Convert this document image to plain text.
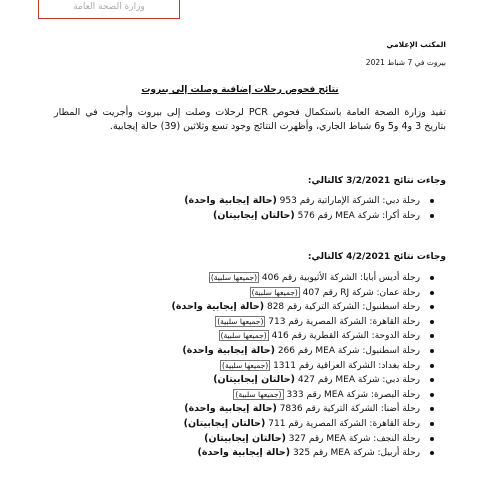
وزارة الصحة العامة
المكتب الإعلامي
بيروت في 7 شباط 2021
نتائج فحوص رحلات إضافية وصلت إلى بيروت
تفيد وزارة الصحة العامة باستكمال فحوص PCR لرحلات وصلت إلى بيروت وأجريت في المطار بتاريخ 3 و4 و5 و6 شباط الجاري، وأظهرت النتائج وجود تسع وثلاثين (39) حالة إيجابية.
وجاءت نتائج 3/2/2021 كالتالي:
رحلة دبي: الشركة الإماراتية رقم 953 (حالة إيجابية واحدة)
رحلة أكرا: شركة MEA رقم 576 (حالتان إيجابيتان)
وجاءت نتائج 4/2/2021 كالتالي:
رحلة أديس أبابا: الشركة الأثيوبية رقم 406 (جميعها سلبية)
رحلة عمان: شركة RJ رقم 407 (جميعها سلبية)
رحلة اسطنبول: الشركة التركية رقم 828 (حالة إيجابية واحدة)
رحلة القاهرة: الشركة المصرية رقم 713 (جميعها سلبية)
رحلة الدوحة: الشركة القطرية رقم 416 (جميعها سلبية)
رحلة اسطنبول: شركة MEA رقم 266 (حالة إيجابية واحدة)
رحلة بغداد: الشركة العراقية رقم 1311 (جميعها سلبية)
رحلة دبي: شركة MEA رقم 427 (حالتان إيجابيتان)
رحلة البصرة: شركة MEA رقم 333 (جميعها سلبية)
رحلة أضنا: الشركة التركية رقم 7836 (حالة إيجابية واحدة)
رحلة القاهرة: الشركة المصرية رقم 711 (حالتان إيجابيتان)
رحلة النجف: شركة MEA رقم 327 (حالتان إيجابيتان)
رحلة أربيل: شركة MEA رقم 325 (حالة إيجابية واحدة)
